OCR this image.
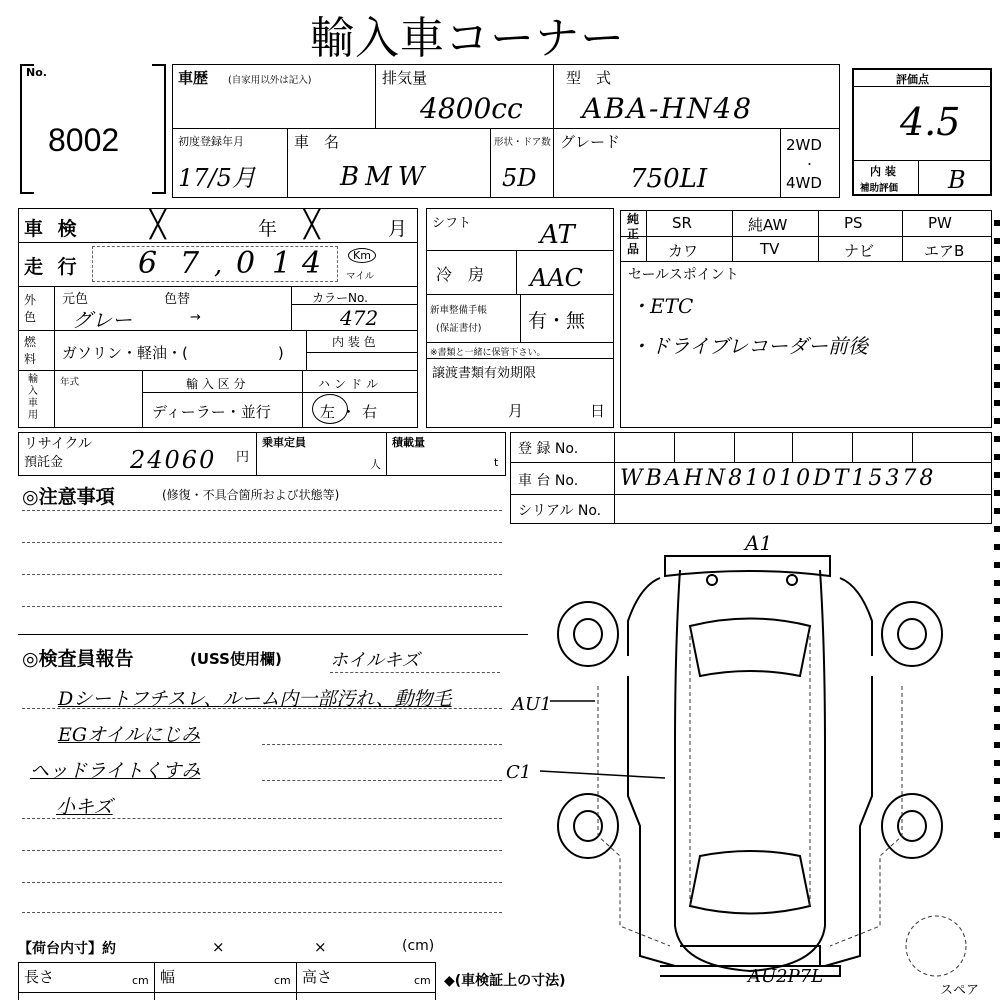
輸入車コーナー
No.
8002
車歴 (自家用以外は記入)	排気量
4800cc
型　式
ABA-HN48
初度登録年月
17/5月
車　名
BMW
形状・ドア数
5D
グレード
750LI
2WD
・
4WD
評価点
4.5
内 装
補助評価 B
車 検	╳	年 ╳	月
走 行 6 7 , 0 1 4	Km
マイル
外色
元色	色替
グレー	→
カラーNo.
472
燃料 ガソリン・軽油・(　　　　　　)
内 装 色
輸入車用
年式	輸 入 区 分
ディーラー・並行
ハンドル
左・右
シフト	AT
冷　房 AAC
新車整備手帳
(保証書付) 有・無
※書類と一緒に保管下さい。
譲渡書類有効期限
月	日
純正品
SR	純AW	PS	PW
カワ	TV	ナビ	エアB
セールスポイント
・ETC
・ドライブレコーダー前後
リサイクル
預託金	24060 円
乗車定員
人
積載量
t
登 録 No.
車 台 No. WBAHN81010DT15378
シリアル No.
◎注意事項	(修復・不具合箇所および状態等)
◎検査員報告	(USS使用欄)	ホイルキズ
Dシートフチスレ、ルーム内一部汚れ、動物毛
EGオイルにじみ
ヘッドライトくすみ
小キズ
【荷台内寸】約	×	×	(cm)
長さ	cm 幅	cm 高さ	cm ◆(車検証上の寸法)
A1
AU1
C1
AU2P7L
スペア
